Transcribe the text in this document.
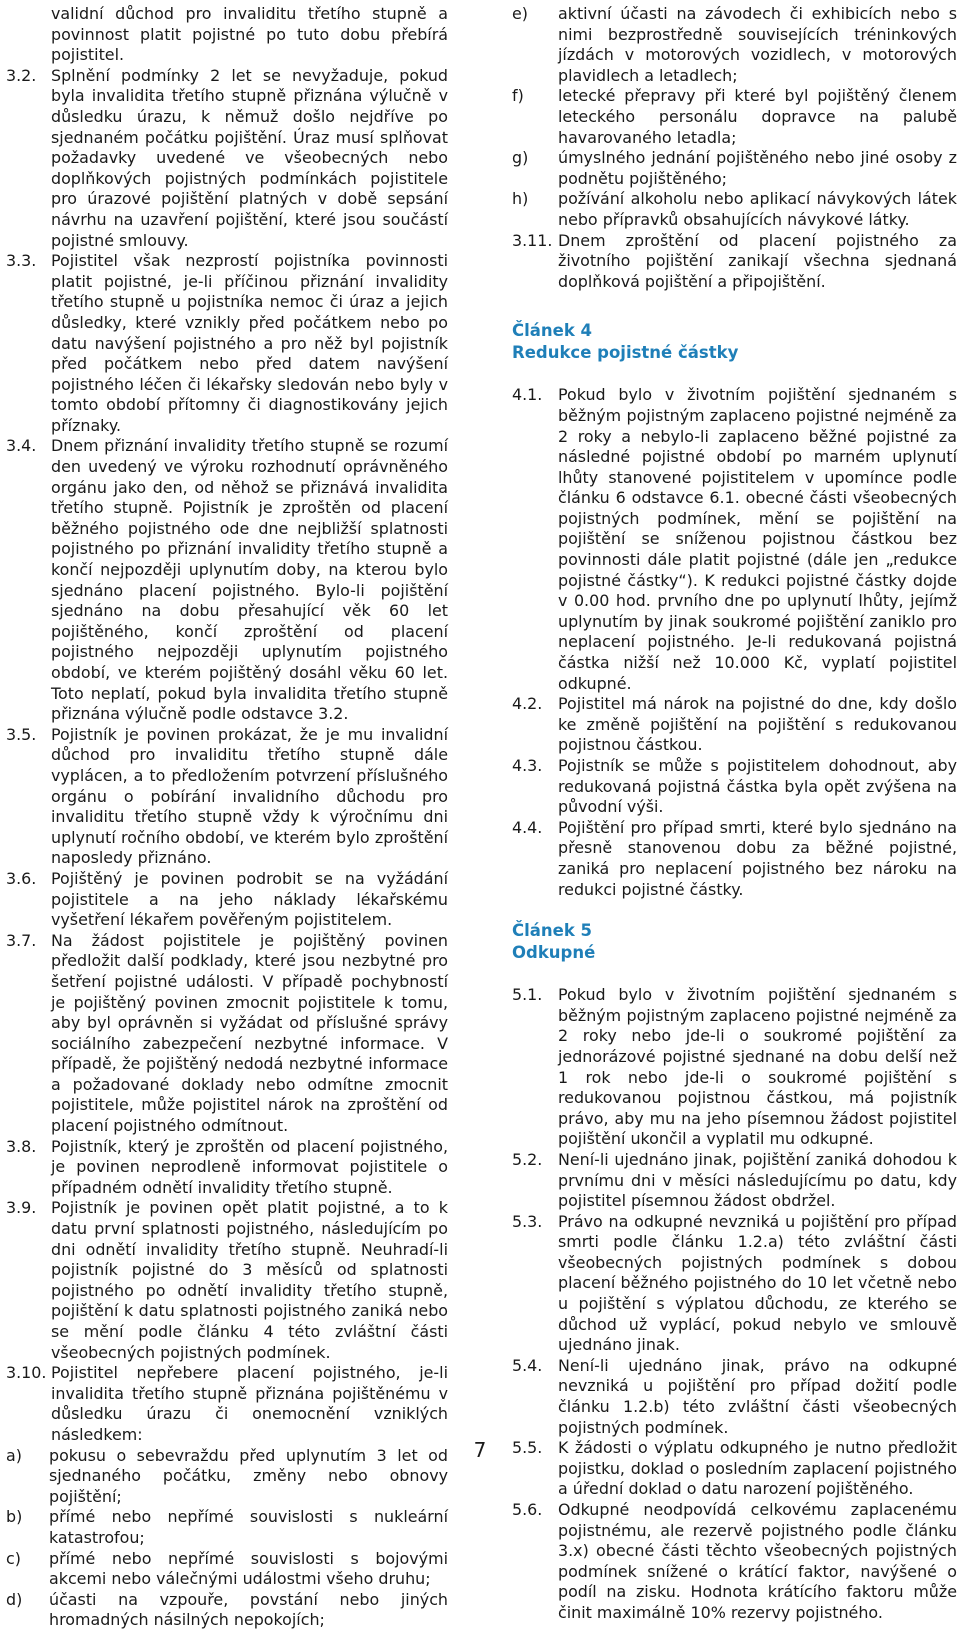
validní důchod pro invaliditu třetího stupně a povinnost platit pojistné po tuto dobu přebírá pojistitel.
3.2. Splnění podmínky 2 let se nevyžaduje, pokud byla invalidita třetího stupně přiznána výlučně v důsledku úrazu, k němuž došlo nejdříve po sjednaném počátku pojištění. Úraz musí splňovat požadavky uvedené ve všeobecných nebo doplňkových pojistných podmínkách pojistitele pro úrazové pojištění platných v době sepsání návrhu na uzavření pojištění, které jsou součástí pojistné smlouvy.
3.3. Pojistitel však nezprostí pojistníka povinnosti platit pojistné, je-li příčinou přiznání invalidity třetího stupně u pojistníka nemoc či úraz a jejich důsledky, které vznikly před počátkem nebo po datu navýšení pojistného a pro něž byl pojistník před počátkem nebo před datem navýšení pojistného léčen či lékařsky sledován nebo byly v tomto období přítomny či diagnostikovány jejich příznaky.
3.4. Dnem přiznání invalidity třetího stupně se rozumí den uvedený ve výroku rozhodnutí oprávněného orgánu jako den, od něhož se přiznává invalidita třetího stupně. Pojistník je zproštěn od placení běžného pojistného ode dne nejbližší splatnosti pojistného po přiznání invalidity třetího stupně a končí nejpozději uplynutím doby, na kterou bylo sjednáno placení pojistného. Bylo-li pojištění sjednáno na dobu přesahující věk 60 let pojištěného, končí zproštění od placení pojistného nejpozději uplynutím pojistného období, ve kterém pojištěný dosáhl věku 60 let. Toto neplatí, pokud byla invalidita třetího stupně přiznána výlučně podle odstavce 3.2.
3.5. Pojistník je povinen prokázat, že je mu invalidní důchod pro invaliditu třetího stupně dále vyplácen, a to předložením potvrzení příslušného orgánu o pobírání invalidního důchodu pro invaliditu třetího stupně vždy k výročnímu dni uplynutí ročního období, ve kterém bylo zproštění naposledy přiznáno.
3.6. Pojištěný je povinen podrobit se na vyžádání pojistitele a na jeho náklady lékařskému vyšetření lékařem pověřeným pojistitelem.
3.7. Na žádost pojistitele je pojištěný povinen předložit další podklady, které jsou nezbytné pro šetření pojistné události. V případě pochybností je pojištěný povinen zmocnit pojistitele k tomu, aby byl oprávněn si vyžádat od příslušné správy sociálního zabezpečení nezbytné informace. V případě, že pojištěný nedodá nezbytné informace a požadované doklady nebo odmítne zmocnit pojistitele, může pojistitel nárok na zproštění od placení pojistného odmítnout.
3.8. Pojistník, který je zproštěn od placení pojistného, je povinen neprodleně informovat pojistitele o případném odnětí invalidity třetího stupně.
3.9. Pojistník je povinen opět platit pojistné, a to k datu první splatnosti pojistného, následujícím po dni odnětí invalidity třetího stupně. Neuhradí-li pojistník pojistné do 3 měsíců od splatnosti pojistného po odnětí invalidity třetího stupně, pojištění k datu splatnosti pojistného zaniká nebo se mění podle článku 4 této zvláštní části všeobecných pojistných podmínek.
3.10. Pojistitel nepřebere placení pojistného, je-li invalidita třetího stupně přiznána pojištěnému v důsledku úrazu či onemocnění vzniklých následkem:
a)	pokusu o sebevraždu před uplynutím 3 let od sjednaného počátku, změny nebo obnovy pojištění;
b)	přímé nebo nepřímé souvislosti s nukleární katastrofou;
c)	přímé nebo nepřímé souvislosti s bojovými akcemi nebo válečnými událostmi všeho druhu;
d)	účasti na vzpouře, povstání nebo jiných hromadných násilných nepokojích;
e)	aktivní účasti na závodech či exhibicích nebo s nimi bezprostředně souvisejících tréninkových jízdách v motorových vozidlech, v motorových plavidlech a letadlech;
f)	letecké přepravy při které byl pojištěný členem leteckého personálu dopravce na palubě havarovaného letadla;
g)	úmyslného jednání pojištěného nebo jiné osoby z podnětu pojištěného;
h)	požívání alkoholu nebo aplikací návykových látek nebo přípravků obsahujících návykové látky.
3.11. Dnem zproštění od placení pojistného za životního pojištění zanikají všechna sjednaná doplňková pojištění a připojištění.
Článek 4
Redukce pojistné částky
4.1. Pokud bylo v životním pojištění sjednaném s běžným pojistným zaplaceno pojistné nejméně za 2 roky a nebylo-li zaplaceno běžné pojistné za následné pojistné období po marném uplynutí lhůty stanovené pojistitelem v upomínce podle článku 6 odstavce 6.1. obecné části všeobecných pojistných podmínek, mění se pojištění na pojištění se sníženou pojistnou částkou bez povinnosti dále platit pojistné (dále jen „redukce pojistné částky“). K redukci pojistné částky dojde v 0.00 hod. prvního dne po uplynutí lhůty, jejímž uplynutím by jinak soukromé pojištění zaniklo pro neplacení pojistného. Je-li redukovaná pojistná částka nižší než 10.000 Kč, vyplatí pojistitel odkupné.
4.2. Pojistitel má nárok na pojistné do dne, kdy došlo ke změně pojištění na pojištění s redukovanou pojistnou částkou.
4.3. Pojistník se může s pojistitelem dohodnout, aby redukovaná pojistná částka byla opět zvýšena na původní výši.
4.4. Pojištění pro případ smrti, které bylo sjednáno na přesně stanovenou dobu za běžné pojistné, zaniká pro neplacení pojistného bez nároku na redukci pojistné částky.
Článek 5
Odkupné
5.1. Pokud bylo v životním pojištění sjednaném s běžným pojistným zaplaceno pojistné nejméně za 2 roky nebo jde-li o soukromé pojištění za jednorázové pojistné sjednané na dobu delší než 1 rok nebo jde-li o soukromé pojištění s redukovanou pojistnou částkou, má pojistník právo, aby mu na jeho písemnou žádost pojistitel pojištění ukončil a vyplatil mu odkupné.
5.2. Není-li ujednáno jinak, pojištění zaniká dohodou k prvnímu dni v měsíci následujícímu po datu, kdy pojistitel písemnou žádost obdržel.
5.3. Právo na odkupné nevzniká u pojištění pro případ smrti podle článku 1.2.a) této zvláštní části všeobecných pojistných podmínek s dobou placení běžného pojistného do 10 let včetně nebo u pojištění s výplatou důchodu, ze kterého se důchod už vyplácí, pokud nebylo ve smlouvě ujednáno jinak.
5.4. Není-li ujednáno jinak, právo na odkupné nevzniká u pojištění pro případ dožití podle článku 1.2.b) této zvláštní části všeobecných pojistných podmínek.
5.5. K žádosti o výplatu odkupného je nutno předložit pojistku, doklad o posledním zaplacení pojistného a úřední doklad o datu narození pojištěného.
5.6. Odkupné neodpovídá celkovému zaplacenému pojistnému, ale rezervě pojistného podle článku 3.x) obecné části těchto všeobecných pojistných podmínek snížené o krátící faktor, navýšené o podíl na zisku. Hodnota krátícího faktoru může činit maximálně 10% rezervy pojistného.
7
